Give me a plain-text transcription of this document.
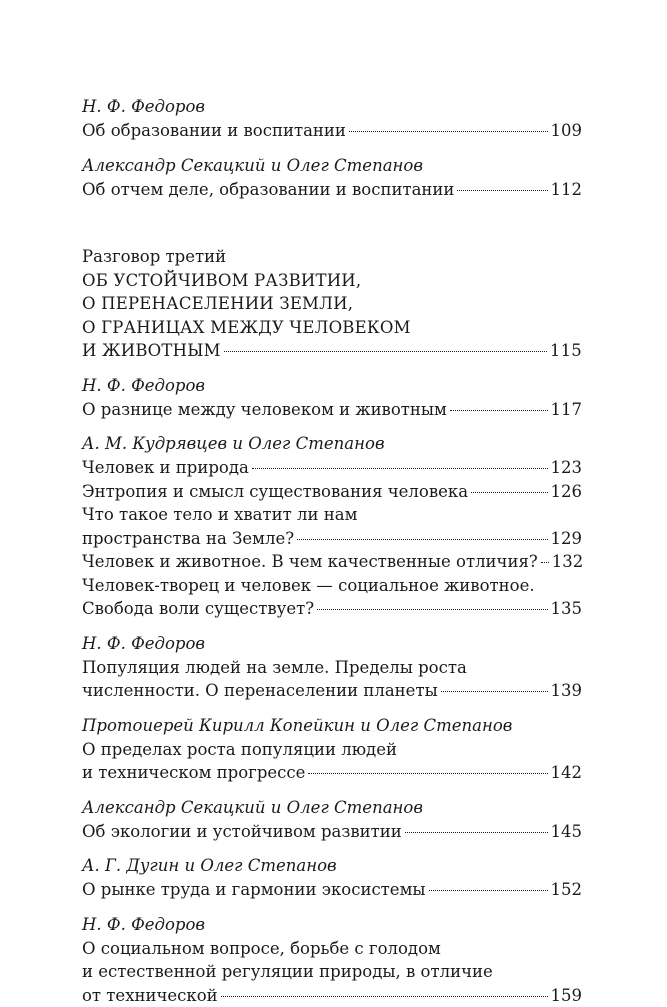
Н. Ф. Федоров
Об образовании и воспитании	109
Александр Секацкий и Олег Степанов
Об отчем деле, образовании и воспитании	112
Разговор третий
ОБ УСТОЙЧИВОМ РАЗВИТИИ,
О ПЕРЕНАСЕЛЕНИИ ЗЕМЛИ,
О ГРАНИЦАХ МЕЖДУ ЧЕЛОВЕКОМ
И ЖИВОТНЫМ	115
Н. Ф. Федоров
О разнице между человеком и животным	117
А. М. Кудрявцев и Олег Степанов
Человек и природа	123
Энтропия и смысл существования человека	126
Что такое тело и хватит ли нам
пространства на Земле?	129
Человек и животное. В чем качественные отличия? 132
Человек-творец и человек — социальное животное.
Свобода воли существует?	135
Н. Ф. Федоров
Популяция людей на земле. Пределы роста
численности. О перенаселении планеты	139
Протоиерей Кирилл Копейкин и Олег Степанов
О пределах роста популяции людей
и техническом прогрессе	142
Александр Секацкий и Олег Степанов
Об экологии и устойчивом развитии	145
А. Г. Дугин и Олег Степанов
О рынке труда и гармонии экосистемы	152
Н. Ф. Федоров
О социальном вопросе, борьбе с голодом
и естественной регуляции природы, в отличие
от технической	159
